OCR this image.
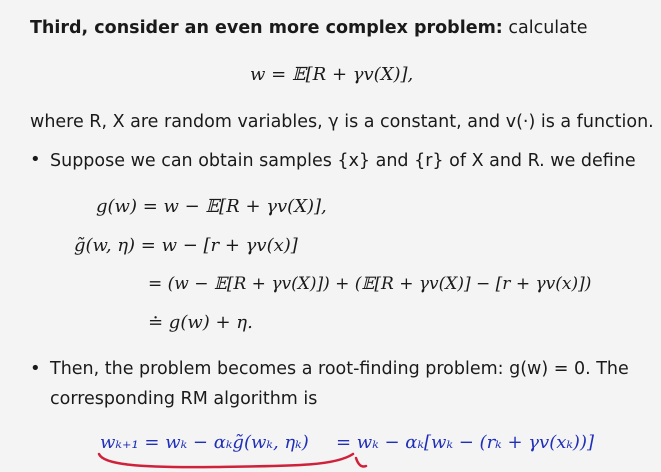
Third, consider an even more complex problem: calculate
w = 𝔼[R + γv(X)],
where R, X are random variables, γ is a constant, and v(·) is a function.
• Suppose we can obtain samples {x} and {r} of X and R. we define
g(w) = w − 𝔼[R + γv(X)],
g̃(w, η) = w − [r + γv(x)]
= (w − 𝔼[R + γv(X)]) + (𝔼[R + γv(X)] − [r + γv(x)])
≐ g(w) + η.
• Then, the problem becomes a root-finding problem: g(w) = 0. The
corresponding RM algorithm is
wₖ₊₁ = wₖ − αₖg̃(wₖ, ηₖ) = wₖ − αₖ[wₖ − (rₖ + γv(xₖ))]
